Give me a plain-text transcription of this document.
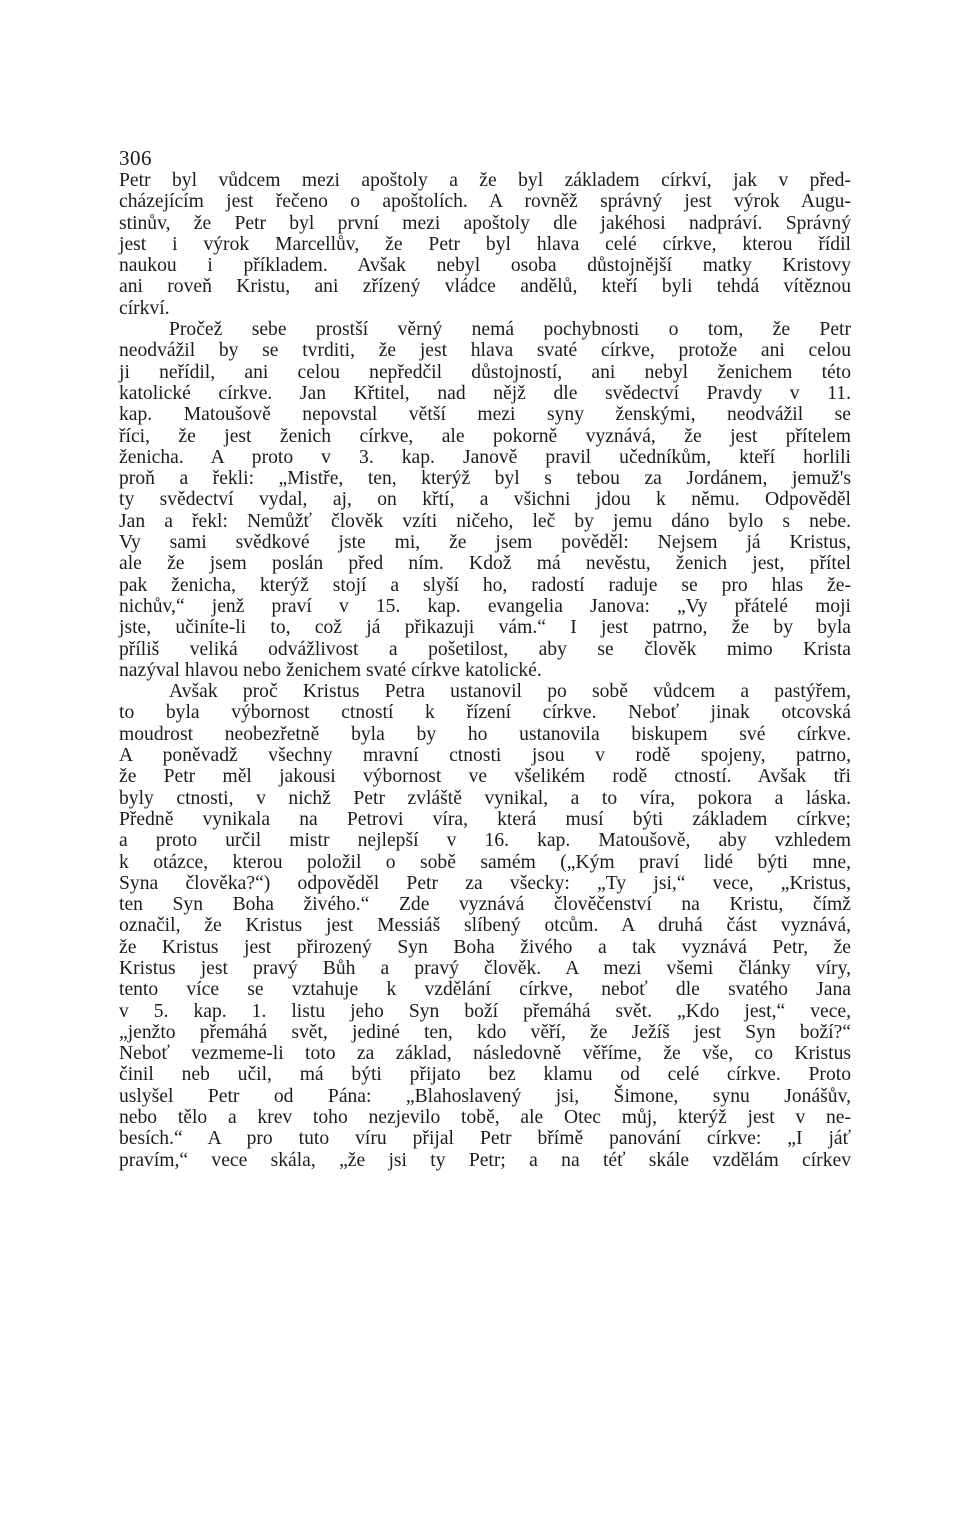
306
Petr byl vůdcem mezi apoštoly a že byl základem církví, jak v před-
cházejícím jest řečeno o apoštolích. A rovněž správný jest výrok Augu-
stinův, že Petr byl první mezi apoštoly dle jakéhosi nadpráví. Správný
jest i výrok Marcellův, že Petr byl hlava celé církve, kterou řídil
naukou i příkladem. Avšak nebyl osoba důstojnější matky Kristovy
ani roveň Kristu, ani zřízený vládce andělů, kteří byli tehdá vítěznou
církví.
Pročež sebe prostší věrný nemá pochybnosti o tom, že Petr
neodvážil by se tvrditi, že jest hlava svaté církve, protože ani celou
ji neřídil, ani celou nepředčil důstojností, ani nebyl ženichem této
katolické církve. Jan Křtitel, nad nějž dle svědectví Pravdy v 11.
kap. Matoušově nepovstal větší mezi syny ženskými, neodvážil se
říci, že jest ženich církve, ale pokorně vyznává, že jest přítelem
ženicha. A proto v 3. kap. Janově pravil učedníkům, kteří horlili
proň a řekli: „Mistře, ten, kterýž byl s tebou za Jordánem, jemuž's
ty svědectví vydal, aj, on křtí, a všichni jdou k němu. Odpověděl
Jan a řekl: Nemůžť člověk vzíti ničeho, leč by jemu dáno bylo s nebe.
Vy sami svědkové jste mi, že jsem pověděl: Nejsem já Kristus,
ale že jsem poslán před ním. Kdož má nevěstu, ženich jest, přítel
pak ženicha, kterýž stojí a slyší ho, radostí raduje se pro hlas že-
nichův,“ jenž praví v 15. kap. evangelia Janova: „Vy přátelé moji
jste, učiníte-li to, což já přikazuji vám.“ I jest patrno, že by byla
příliš veliká odvážlivost a pošetilost, aby se člověk mimo Krista
nazýval hlavou nebo ženichem svaté církve katolické.
Avšak proč Kristus Petra ustanovil po sobě vůdcem a pastýřem,
to byla výbornost ctností k řízení církve. Neboť jinak otcovská
moudrost neobezřetně byla by ho ustanovila biskupem své církve.
A poněvadž všechny mravní ctnosti jsou v rodě spojeny, patrno,
že Petr měl jakousi výbornost ve všelikém rodě ctností. Avšak tři
byly ctnosti, v nichž Petr zvláště vynikal, a to víra, pokora a láska.
Předně vynikala na Petrovi víra, která musí býti základem církve;
a proto určil mistr nejlepší v 16. kap. Matoušově, aby vzhledem
k otázce, kterou položil o sobě samém („Kým praví lidé býti mne,
Syna člověka?“) odpověděl Petr za všecky: „Ty jsi,“ vece, „Kristus,
ten Syn Boha živého.“ Zde vyznává člověčenství na Kristu, čímž
označil, že Kristus jest Messiáš slíbený otcům. A druhá část vyznává,
že Kristus jest přirozený Syn Boha živého a tak vyznává Petr, že
Kristus jest pravý Bůh a pravý člověk. A mezi všemi články víry,
tento více se vztahuje k vzdělání církve, neboť dle svatého Jana
v 5. kap. 1. listu jeho Syn boží přemáhá svět. „Kdo jest,“ vece,
„jenžto přemáhá svět, jediné ten, kdo věří, že Ježíš jest Syn boží?“
Neboť vezmeme-li toto za základ, následovně věříme, že vše, co Kristus
činil neb učil, má býti přijato bez klamu od celé církve. Proto
uslyšel Petr od Pána: „Blahoslavený jsi, Šimone, synu Jonášův,
nebo tělo a krev toho nezjevilo tobě, ale Otec můj, kterýž jest v ne-
besích.“ A pro tuto víru přijal Petr břímě panování církve: „I jáť
pravím,“ vece skála, „že jsi ty Petr; a na téť skále vzdělám církev
